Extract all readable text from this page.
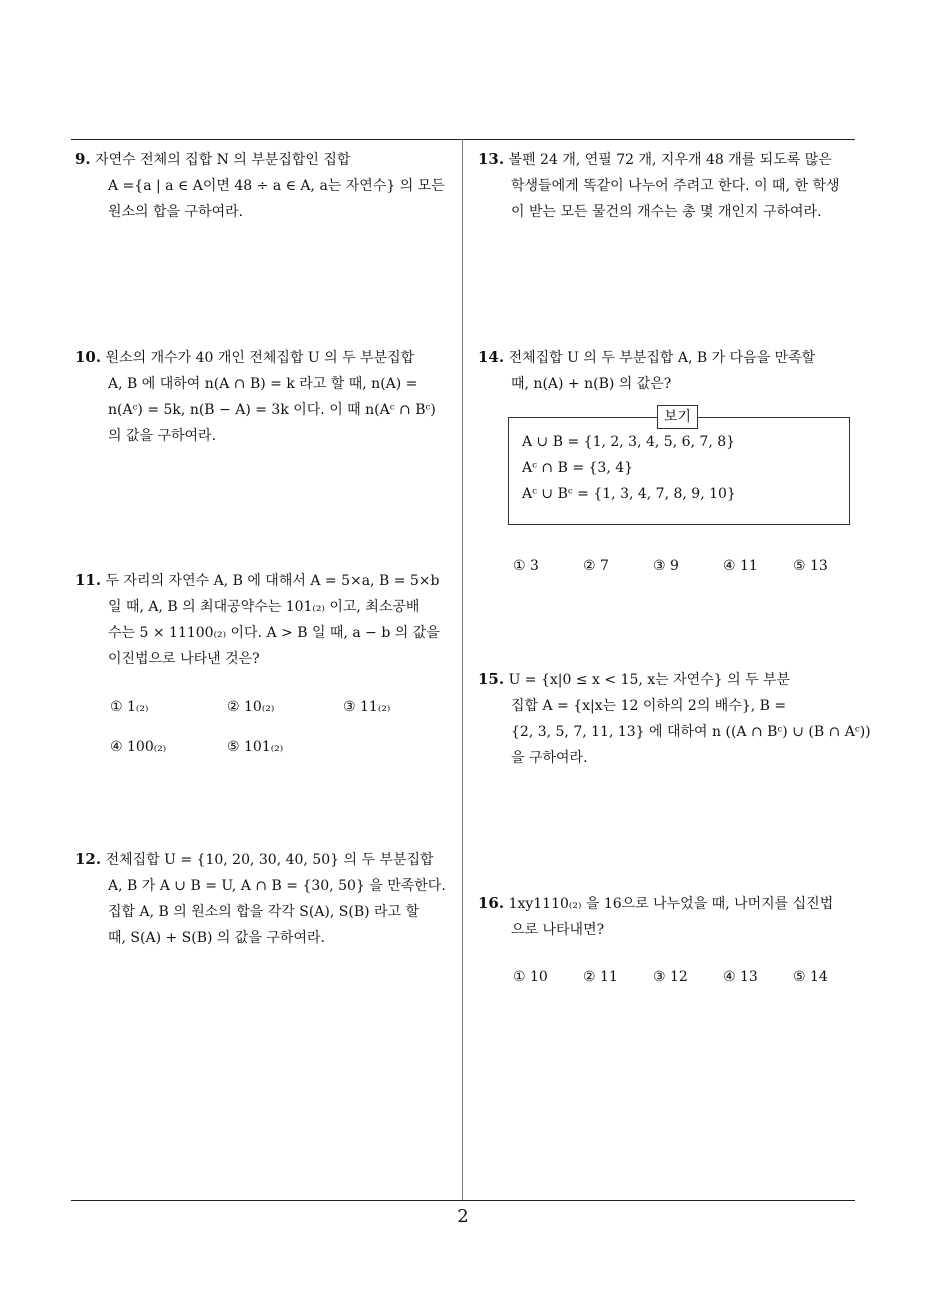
9. 자연수 전체의 집합 N 의 부분집합인 집합
A ={a | a ∈ A이면 48 ÷ a ∈ A, a는 자연수} 의 모든
원소의 합을 구하여라.
10. 원소의 개수가 40 개인 전체집합 U 의 두 부분집합
A, B 에 대하여 n(A ∩ B) = k 라고 할 때, n(A) =
n(Aᶜ) = 5k, n(B − A) = 3k 이다. 이 때 n(Aᶜ ∩ Bᶜ)
의 값을 구하여라.
11. 두 자리의 자연수 A, B 에 대해서 A = 5×a, B = 5×b
일 때, A, B 의 최대공약수는 101₍₂₎ 이고, 최소공배
수는 5 × 11100₍₂₎ 이다. A > B 일 때, a − b 의 값을
이진법으로 나타낸 것은?
① 1₍₂₎	② 10₍₂₎	③ 11₍₂₎
④ 100₍₂₎	⑤ 101₍₂₎
12. 전체집합 U = {10, 20, 30, 40, 50} 의 두 부분집합
A, B 가 A ∪ B = U, A ∩ B = {30, 50} 을 만족한다.
집합 A, B 의 원소의 합을 각각 S(A), S(B) 라고 할
때, S(A) + S(B) 의 값을 구하여라.
13. 볼펜 24 개, 연필 72 개, 지우개 48 개를 되도록 많은
학생들에게 똑같이 나누어 주려고 한다. 이 때, 한 학생
이 받는 모든 물건의 개수는 총 몇 개인지 구하여라.
14. 전체집합 U 의 두 부분집합 A, B 가 다음을 만족할
때, n(A) + n(B) 의 값은?
보기
A ∪ B = {1, 2, 3, 4, 5, 6, 7, 8}
Aᶜ ∩ B = {3, 4}
Aᶜ ∪ Bᶜ = {1, 3, 4, 7, 8, 9, 10}
① 3	② 7	③ 9	④ 11	⑤ 13
15. U = {x|0 ≤ x < 15, x는 자연수} 의 두 부분
집합 A = {x|x는 12 이하의 2의 배수}, B =
{2, 3, 5, 7, 11, 13} 에 대하여 n ((A ∩ Bᶜ) ∪ (B ∩ Aᶜ))
을 구하여라.
16. 1xy1110₍₂₎ 을 16으로 나누었을 때, 나머지를 십진법
으로 나타내면?
① 10	② 11	③ 12	④ 13	⑤ 14
2
